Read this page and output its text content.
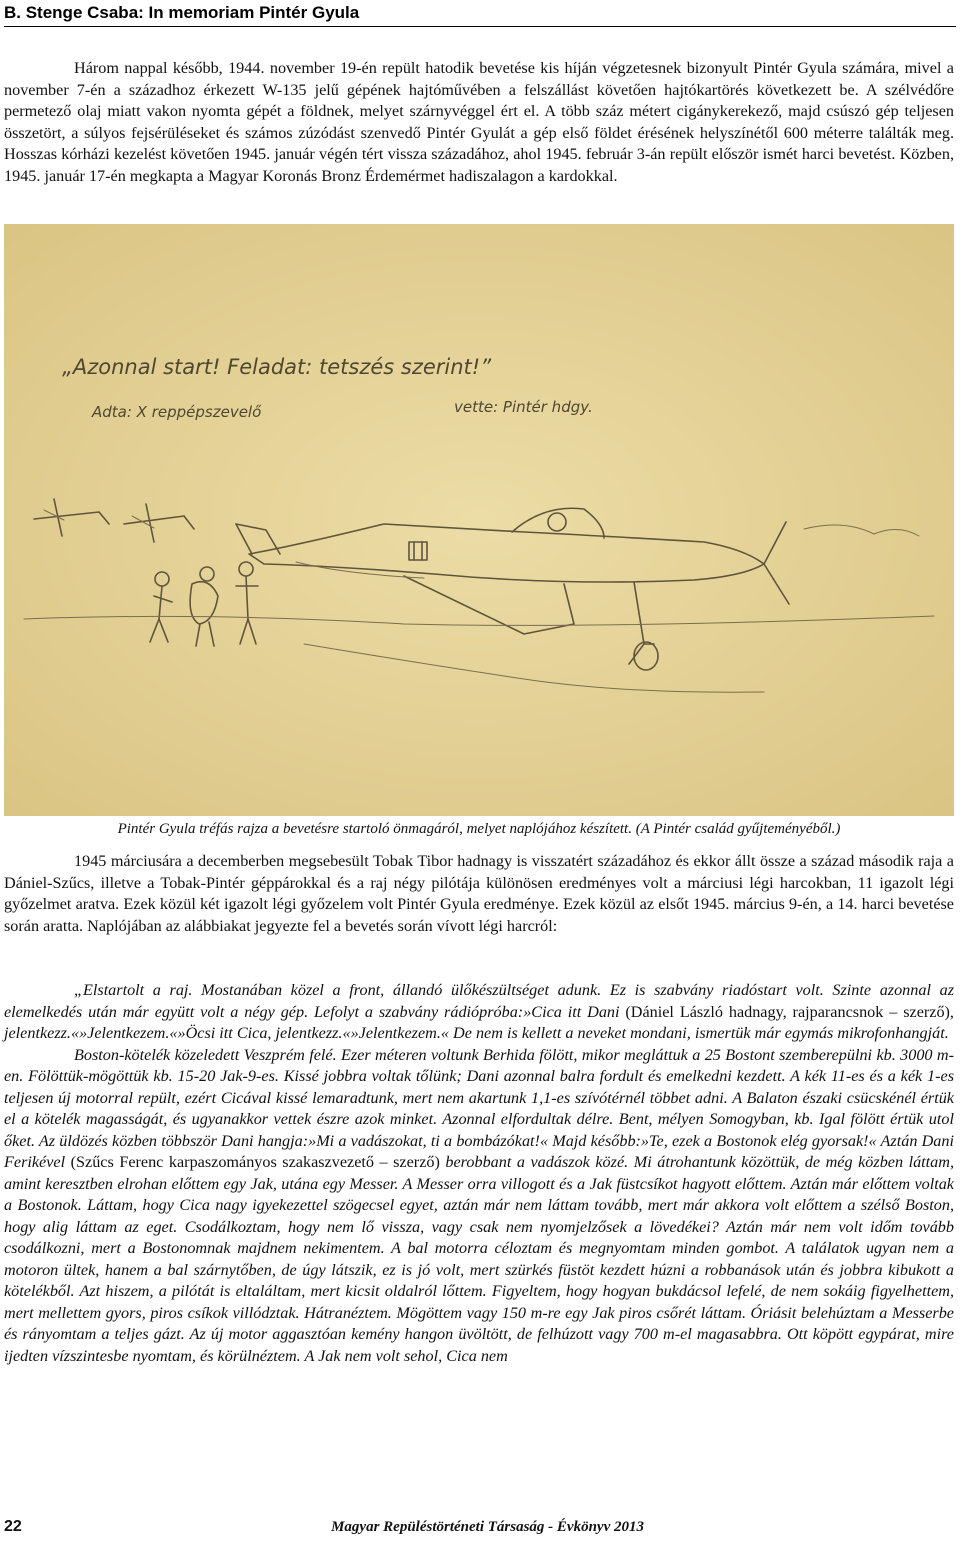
B. Stenge Csaba: In memoriam Pintér Gyula

Három nappal később, 1944. november 19-én repült hatodik bevetése kis híján végzetesnek bizonyult Pintér Gyula számára, mivel a november 7-én a századhoz érkezett W-135 jelű gépének hajtóművében a felszállást követően hajtókartörés következett be. A szélvédőre permetező olaj miatt vakon nyomta gépét a földnek, melyet szárnyvéggel ért el. A több száz métert cigánykerekező, majd csúszó gép teljesen összetört, a súlyos fejsérüléseket és számos zúzódást szenvedő Pintér Gyulát a gép első földet érésének helyszínétől 600 méterre találták meg. Hosszas kórházi kezelést követően 1945. január végén tért vissza századához, ahol 1945. február 3-án repült először ismét harci bevetést. Közben, 1945. január 17-én megkapta a Magyar Koronás Bronz Érdemérmet hadiszalagon a kardokkal.

„Azonnal start! Feladat: tetszés szerint!”
Adta: X reppépszevelő	vette: Pintér hdgy.
Pintér Gyula tréfás rajza a bevetésre startoló önmagáról, melyet naplójához készített. (A Pintér család gyűjteményéből.)

1945 márciusára a decemberben megsebesült Tobak Tibor hadnagy is visszatért századához és ekkor állt össze a század második raja a Dániel-Szűcs, illetve a Tobak-Pintér géppárokkal és a raj négy pilótája különösen eredményes volt a márciusi légi harcokban, 11 igazolt légi győzelmet aratva. Ezek közül két igazolt légi győzelem volt Pintér Gyula eredménye. Ezek közül az elsőt 1945. március 9-én, a 14. harci bevetése során aratta. Naplójában az alábbiakat jegyezte fel a bevetés során vívott légi harcról:

„Elstartolt a raj. Mostanában közel a front, állandó ülőkészültséget adunk. Ez is szabvány riadóstart volt. Szinte azonnal az elemelkedés után már együtt volt a négy gép. Lefolyt a szabvány rádiópróba:»Cica itt Dani (Dániel László hadnagy, rajparancsnok – szerző), jelentkezz.«»Jelentkezem.«»Öcsi itt Cica, jelentkezz.«»Jelentkezem.« De nem is kellett a neveket mondani, ismertük már egymás mikrofonhangját.

Boston-kötelék közeledett Veszprém felé. Ezer méteren voltunk Berhida fölött, mikor megláttuk a 25 Bostont szemberepülni kb. 3000 m-en. Fölöttük-mögöttük kb. 15-20 Jak-9-es. Kissé jobbra voltak tőlünk; Dani azonnal balra fordult és emelkedni kezdett. A kék 11-es és a kék 1-es teljesen új motorral repült, ezért Cicával kissé lemaradtunk, mert nem akartunk 1,1-es szívótérnél többet adni. A Balaton északi csücskénél értük el a kötelék magasságát, és ugyanakkor vettek észre azok minket. Azonnal elfordultak délre. Bent, mélyen Somogyban, kb. Igal fölött értük utol őket. Az üldözés közben többször Dani hangja:»Mi a vadászokat, ti a bombázókat!« Majd később:»Te, ezek a Bostonok elég gyorsak!« Aztán Dani Ferikével (Szűcs Ferenc karpaszományos szakaszvezető – szerző) berobbant a vadászok közé. Mi átrohantunk közöttük, de még közben láttam, amint keresztben elrohan előttem egy Jak, utána egy Messer. A Messer orra villogott és a Jak füstcsíkot hagyott előttem. Aztán már előttem voltak a Bostonok. Láttam, hogy Cica nagy igyekezettel szögecsel egyet, aztán már nem láttam tovább, mert már akkora volt előttem a szélső Boston, hogy alig láttam az eget. Csodálkoztam, hogy nem lő vissza, vagy csak nem nyomjelzősek a lövedékei? Aztán már nem volt időm tovább csodálkozni, mert a Bostonomnak majdnem nekimentem. A bal motorra céloztam és megnyomtam minden gombot. A találatok ugyan nem a motoron ültek, hanem a bal szárnytőben, de úgy látszik, ez is jó volt, mert szürkés füstöt kezdett húzni a robbanások után és jobbra kibukott a kötelékből. Azt hiszem, a pilótát is eltaláltam, mert kicsit oldalról lőttem. Figyeltem, hogy hogyan bukdácsol lefelé, de nem sokáig figyelhettem, mert mellettem gyors, piros csíkok villództak. Hátranéztem. Mögöttem vagy 150 m-re egy Jak piros csőrét láttam. Óriásit belehúztam a Messerbe és rányomtam a teljes gázt. Az új motor aggasztóan kemény hangon üvöltött, de felhúzott vagy 700 m-el magasabbra. Ott köpött egypárat, mire ijedten vízszintesbe nyomtam, és körülnéztem. A Jak nem volt sehol, Cica nem

22	Magyar Repüléstörténeti Társaság - Évkönyv 2013
